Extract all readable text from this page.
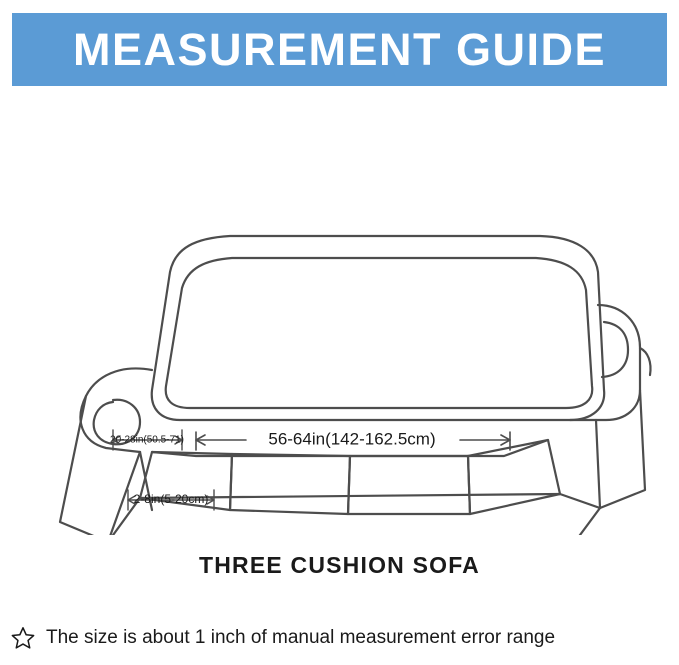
MEASUREMENT GUIDE
56-64in(142-162.5cm)
20-28in(50.5-71)
2-8in(5-20cm)
THREE CUSHION SOFA
The size is about 1 inch of manual measurement error range
